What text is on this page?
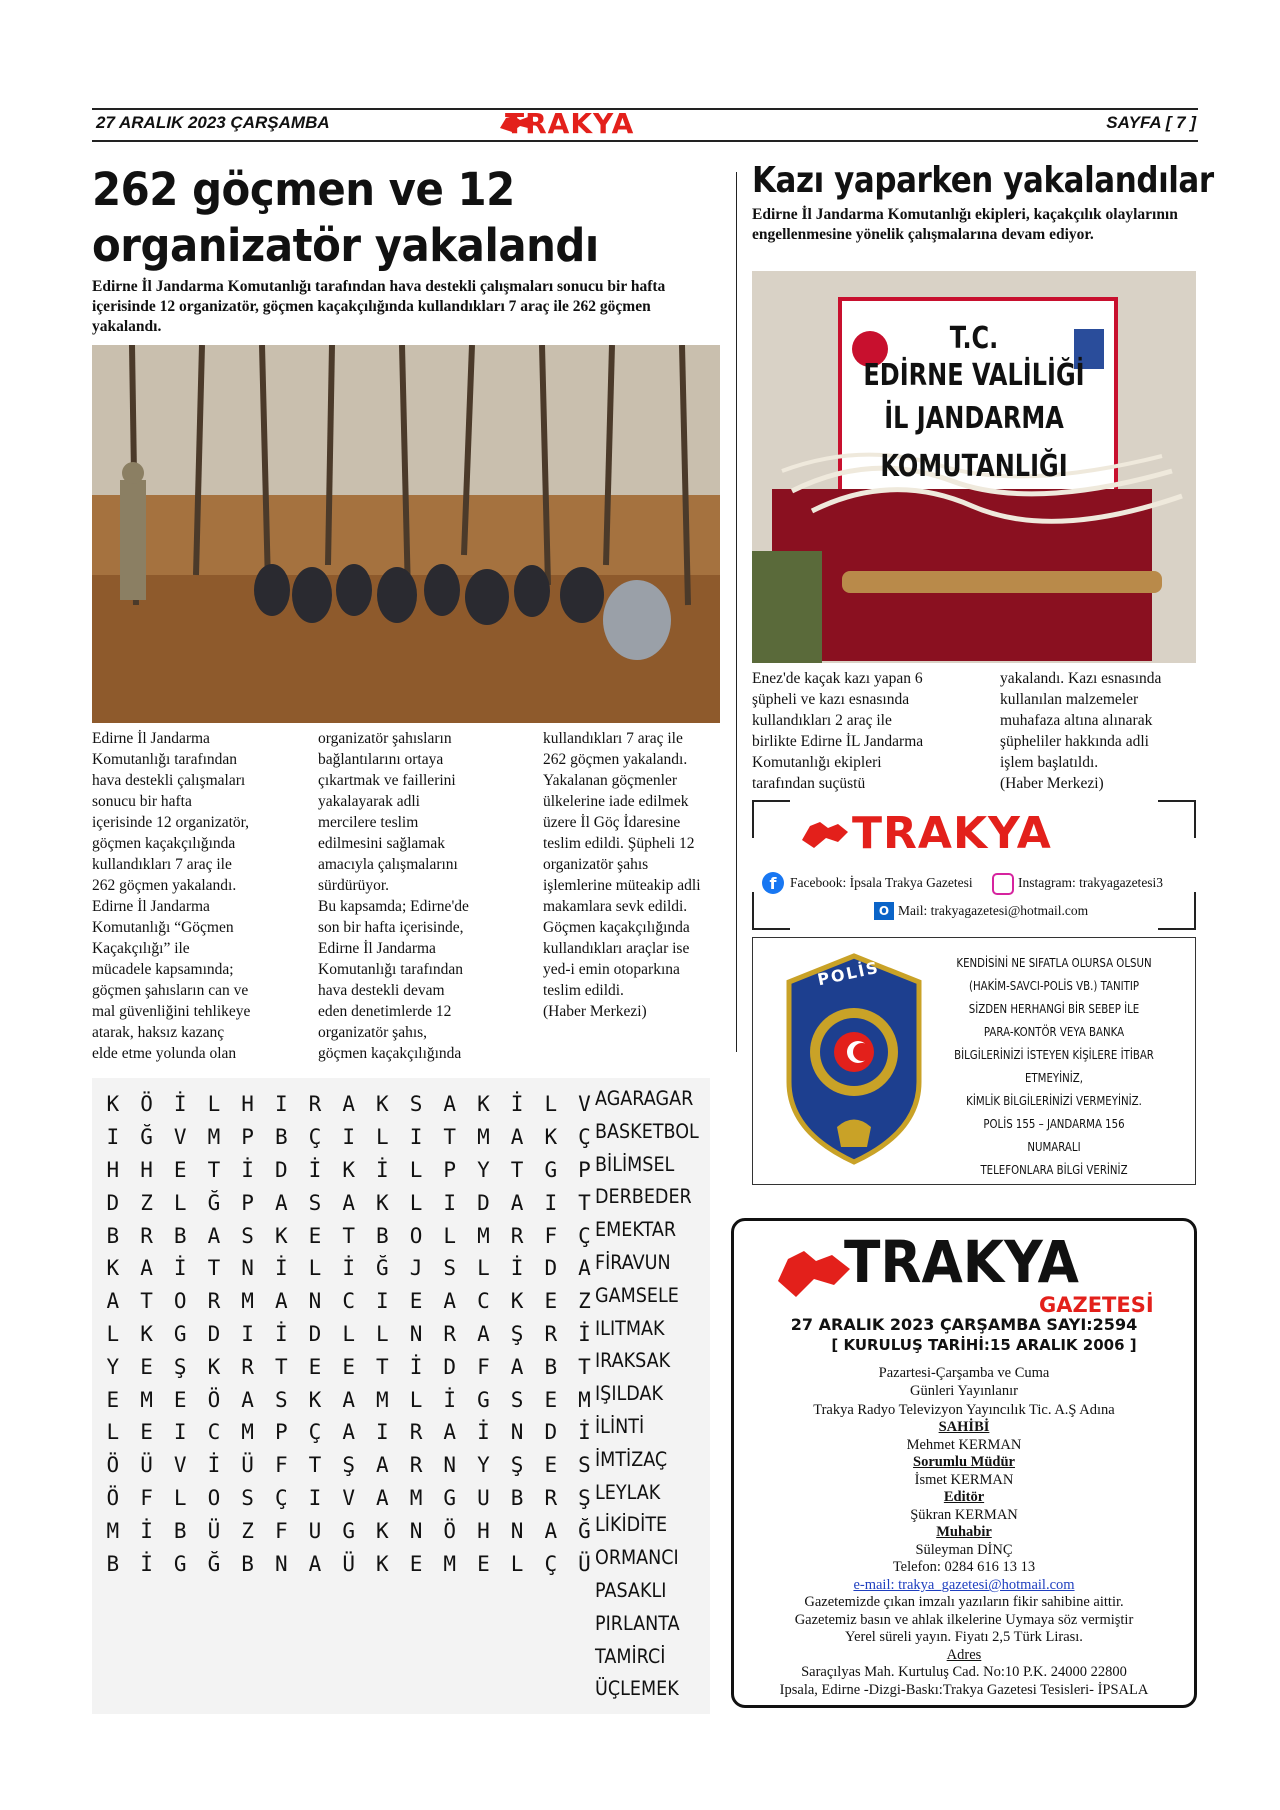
27 ARALIK 2023 ÇARŞAMBA	TRAKYA	SAYFA [ 7 ]
262 göçmen ve 12 organizatör yakalandı
Edirne İl Jandarma Komutanlığı tarafından hava destekli çalışmaları sonucu bir hafta içerisinde 12 organizatör, göçmen kaçakçılığında kullandıkları 7 araç ile 262 göçmen yakalandı.
Edirne İl Jandarma
Komutanlığı tarafından
hava destekli çalışmaları
sonucu bir hafta
içerisinde 12 organizatör,
göçmen kaçakçılığında
kullandıkları 7 araç ile
262 göçmen yakalandı.
Edirne İl Jandarma
Komutanlığı “Göçmen
Kaçakçılığı” ile
mücadele kapsamında;
göçmen şahısların can ve
mal güvenliğini tehlikeye
atarak, haksız kazanç
elde etme yolunda olan
organizatör şahısların
bağlantılarını ortaya
çıkartmak ve faillerini
yakalayarak adli
mercilere teslim
edilmesini sağlamak
amacıyla çalışmalarını
sürdürüyor.
Bu kapsamda; Edirne'de
son bir hafta içerisinde,
Edirne İl Jandarma
Komutanlığı tarafından
hava destekli devam
eden denetimlerde 12
organizatör şahıs,
göçmen kaçakçılığında
kullandıkları 7 araç ile
262 göçmen yakalandı.
Yakalanan göçmenler
ülkelerine iade edilmek
üzere İl Göç İdaresine
teslim edildi. Şüpheli 12
organizatör şahıs
işlemlerine müteakip adli
makamlara sevk edildi.
Göçmen kaçakçılığında
kullandıkları araçlar ise
yed-i emin otoparkına
teslim edildi.
(Haber Merkezi)
Kazı yaparken yakalandılar
Edirne İl Jandarma Komutanlığı ekipleri, kaçakçılık olaylarının engellenmesine yönelik çalışmalarına devam ediyor.
T.C.
EDİRNE VALİLİĞİ
İL JANDARMA KOMUTANLIĞI
Enez'de kaçak kazı yapan 6
şüpheli ve kazı esnasında
kullandıkları 2 araç ile
birlikte Edirne İL Jandarma
Komutanlığı ekipleri
tarafından suçüstü
yakalandı. Kazı esnasında
kullanılan malzemeler
muhafaza altına alınarak
şüpheliler hakkında adli
işlem başlatıldı.
(Haber Merkezi)
TRAKYA
f	Facebook: İpsala Trakya Gazetesi	Instagram: trakyagazetesi3
O Mail: trakyagazetesi@hotmail.com
POLİS	KENDİSİNİ NE SIFATLA OLURSA OLSUN
(HAKİM-SAVCI-POLİS VB.) TANITIP
SİZDEN HERHANGİ BİR SEBEP İLE
PARA-KONTÖR VEYA BANKA
BİLGİLERİNİZİ İSTEYEN KİŞİLERE İTİBAR
ETMEYİNİZ,
KİMLİK BİLGİLERİNİZİ VERMEYİNİZ.
POLİS 155 – JANDARMA 156
NUMARALI
TELEFONLARA BİLGİ VERİNİZ
TRAKYA
GAZETESİ
27 ARALIK 2023 ÇARŞAMBA SAYI:2594
[ KURULUŞ TARİHİ:15 ARALIK 2006 ]
Pazartesi-Çarşamba ve Cuma
Günleri Yayınlanır
Trakya Radyo Televizyon Yayıncılık Tic. A.Ş Adına
SAHİBİ
Mehmet KERMAN
Sorumlu Müdür
İsmet KERMAN
Editör
Şükran KERMAN
Muhabir
Süleyman DİNÇ
Telefon: 0284 616 13 13
e-mail: trakya_gazetesi@hotmail.com
Gazetemizde çıkan imzalı yazıların fikir sahibine aittir.
Gazetemiz basın ve ahlak ilkelerine Uymaya söz vermiştir
Yerel süreli yayın. Fiyatı 2,5 Türk Lirası.
Adres
Saraçılyas Mah. Kurtuluş Cad. No:10 P.K. 24000 22800
Ipsala, Edirne -Dizgi-Baskı:Trakya Gazetesi Tesisleri- İPSALA
K	Ö	İ	L	H	I	R	A	K	S	A	K	İ	L	V
I	Ğ	V	M	P	B	Ç	I	L	I	T	M	A	K	Ç
H	H	E	T	İ	D	İ	K	İ	L	P	Y	T	G	P
D	Z	L	Ğ	P	A	S	A	K	L	I	D	A	I	T
B	R	B	A	S	K	E	T	B	O	L	M	R	F	Ç
K	A	İ	T	N	İ	L	İ	Ğ	J	S	L	İ	D	A
A	T	O	R	M	A	N	C	I	E	A	C	K	E	Z
L	K	G	D	I	İ	D	L	L	N	R	A	Ş	R	İ
Y	E	Ş	K	R	T	E	E	T	İ	D	F	A	B	T
E	M	E	Ö	A	S	K	A	M	L	İ	G	S	E	M
L	E	I	C	M	P	Ç	A	I	R	A	İ	N	D	İ
Ö	Ü	V	İ	Ü	F	T	Ş	A	R	N	Y	Ş	E	S
Ö	F	L	O	S	Ç	I	V	A	M	G	U	B	R	Ş
M	İ	B	Ü	Z	F	U	G	K	N	Ö	H	N	A	Ğ
B	İ	G	Ğ	B	N	A	Ü	K	E	M	E	L	Ç	Ü
AGARAGAR
BASKETBOL
BİLİMSEL
DERBEDER
EMEKTAR
FİRAVUN
GAMSELE
ILITMAK
IRAKSAK
IŞILDAK
İLİNTİ
İMTİZAÇ
LEYLAK
LİKİDİTE
ORMANCI
PASAKLI
PIRLANTA
TAMİRCİ
ÜÇLEMEK
